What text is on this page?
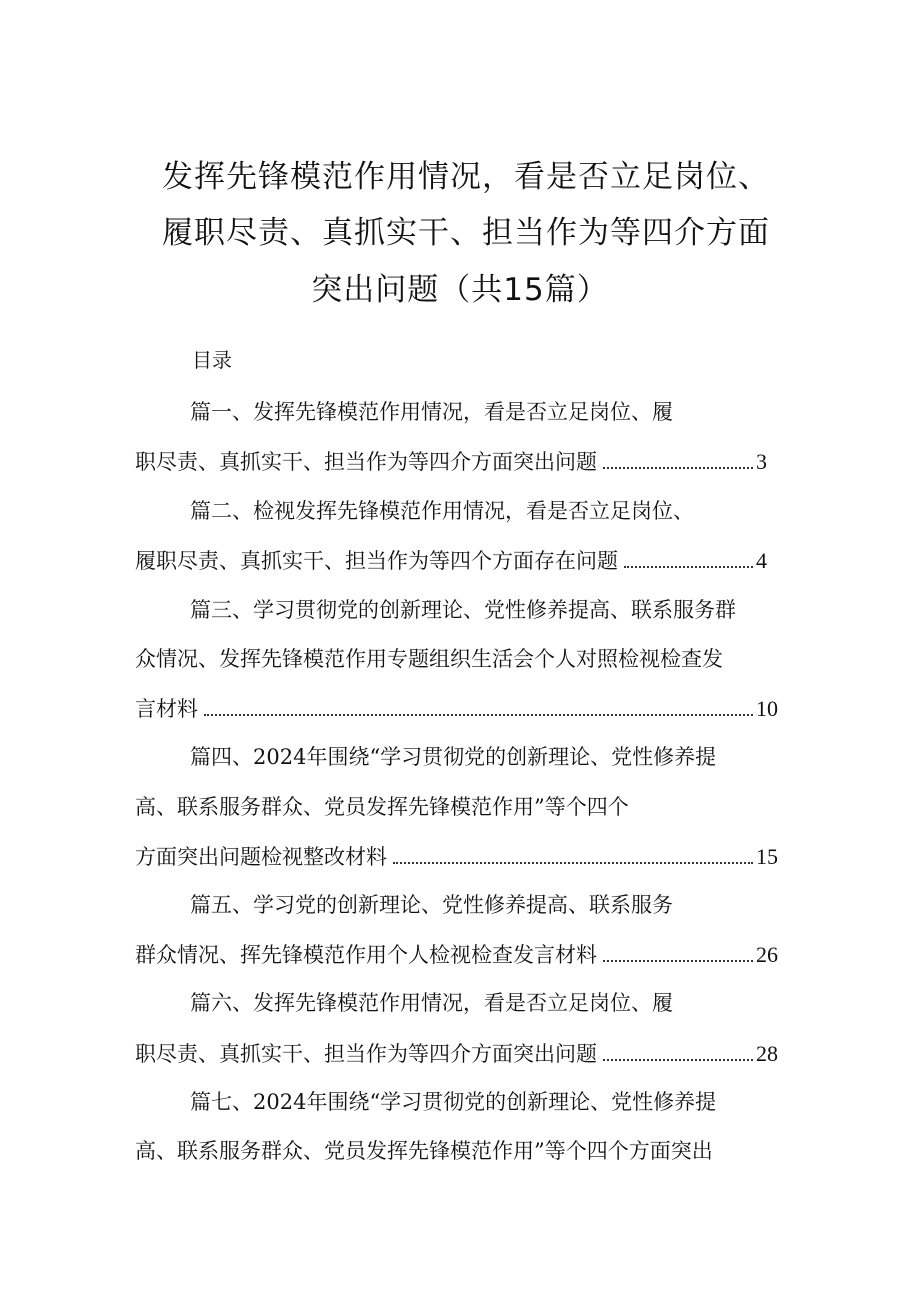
发挥先锋模范作用情况，看是否立足岗位、
履职尽责、真抓实干、担当作为等四介方面
突出问题（共15篇）
目录
篇一、发挥先锋模范作用情况，看是否立足岗位、履
职尽责、真抓实干、担当作为等四介方面突出问题	3
篇二、检视发挥先锋模范作用情况，看是否立足岗位、
履职尽责、真抓实干、担当作为等四个方面存在问题	4
篇三、学习贯彻党的创新理论、党性修养提高、联系服务群
众情况、发挥先锋模范作用专题组织生活会个人对照检视检查发
言材料	10
篇四、2024年围绕“学习贯彻党的创新理论、党性修养提
高、联系服务群众、党员发挥先锋模范作用”等个四个
方面突出问题检视整改材料	15
篇五、学习党的创新理论、党性修养提高、联系服务
群众情况、挥先锋模范作用个人检视检查发言材料	26
篇六、发挥先锋模范作用情况，看是否立足岗位、履
职尽责、真抓实干、担当作为等四介方面突出问题	28
篇七、2024年围绕“学习贯彻党的创新理论、党性修养提
高、联系服务群众、党员发挥先锋模范作用”等个四个方面突出
